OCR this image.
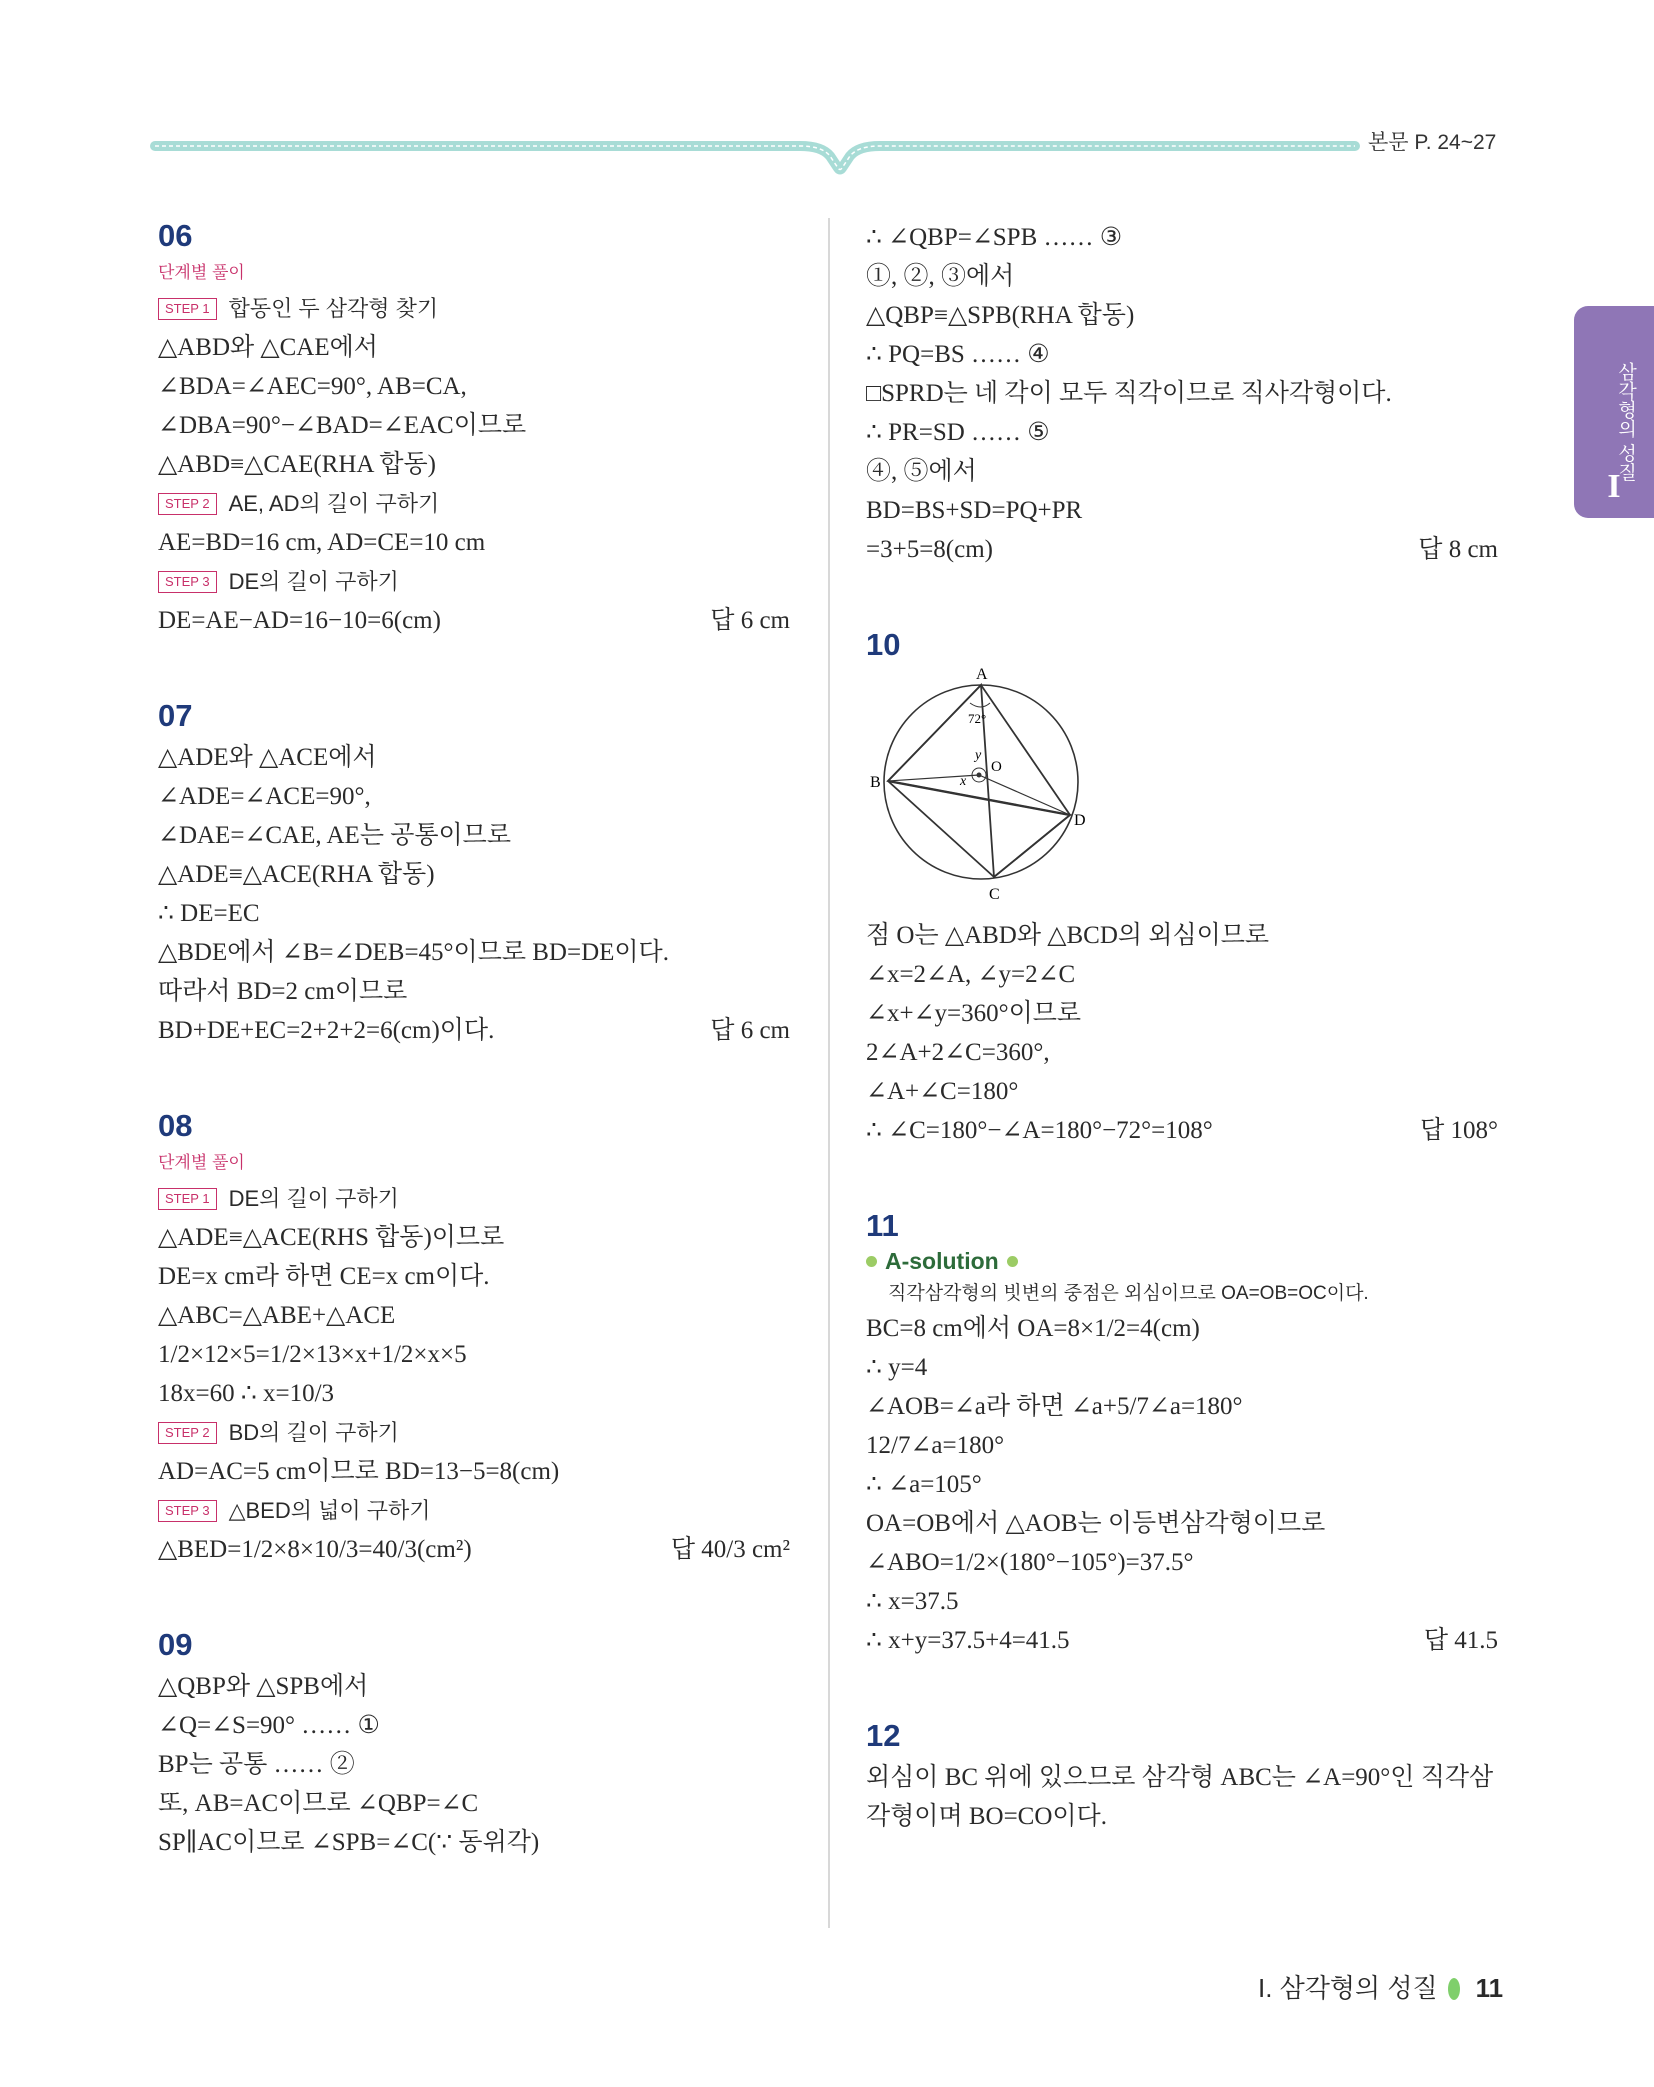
본문 P. 24~27
삼각형의 성질
I
06
단계별 풀이
STEP 1 합동인 두 삼각형 찾기
△ABD와 △CAE에서
∠BDA=∠AEC=90°, AB=CA,
∠DBA=90°−∠BAD=∠EAC이므로
△ABD≡△CAE(RHA 합동)
STEP 2 AE, AD의 길이 구하기
AE=BD=16 cm, AD=CE=10 cm
STEP 3 DE의 길이 구하기
DE=AE−AD=16−10=6(cm)	답 6 cm
07
△ADE와 △ACE에서
∠ADE=∠ACE=90°,
∠DAE=∠CAE, AE는 공통이므로
△ADE≡△ACE(RHA 합동)
∴ DE=EC
△BDE에서 ∠B=∠DEB=45°이므로 BD=DE이다.
따라서 BD=2 cm이므로
BD+DE+EC=2+2+2=6(cm)이다.	답 6 cm
08
단계별 풀이
STEP 1 DE의 길이 구하기
△ADE≡△ACE(RHS 합동)이므로
DE=x cm라 하면 CE=x cm이다.
△ABC=△ABE+△ACE
1/2×12×5=1/2×13×x+1/2×x×5
18x=60 ∴ x=10/3
STEP 2 BD의 길이 구하기
AD=AC=5 cm이므로 BD=13−5=8(cm)
STEP 3 △BED의 넓이 구하기
△BED=1/2×8×10/3=40/3(cm²)	답 40/3 cm²
09
△QBP와 △SPB에서
∠Q=∠S=90° …… ①
BP는 공통 …… ②
또, AB=AC이므로 ∠QBP=∠C
SP∥AC이므로 ∠SPB=∠C(∵ 동위각)
∴ ∠QBP=∠SPB …… ③
①, ②, ③에서
△QBP≡△SPB(RHA 합동)
∴ PQ=BS …… ④
□SPRD는 네 각이 모두 직각이므로 직사각형이다.
∴ PR=SD …… ⑤
④, ⑤에서
BD=BS+SD=PQ+PR
=3+5=8(cm)	답 8 cm
10
A
B
C
D
O
x
y
72°
점 O는 △ABD와 △BCD의 외심이므로
∠x=2∠A, ∠y=2∠C
∠x+∠y=360°이므로
2∠A+2∠C=360°,
∠A+∠C=180°
∴ ∠C=180°−∠A=180°−72°=108°	답 108°
11
A-solution
직각삼각형의 빗변의 중점은 외심이므로 OA=OB=OC이다.
BC=8 cm에서 OA=8×1/2=4(cm)
∴ y=4
∠AOB=∠a라 하면 ∠a+5/7∠a=180°
12/7∠a=180°
∴ ∠a=105°
OA=OB에서 △AOB는 이등변삼각형이므로
∠ABO=1/2×(180°−105°)=37.5°
∴ x=37.5
∴ x+y=37.5+4=41.5	답 41.5
12
외심이 BC 위에 있으므로 삼각형 ABC는 ∠A=90°인 직각삼
각형이며 BO=CO이다.
I. 삼각형의 성질 11
